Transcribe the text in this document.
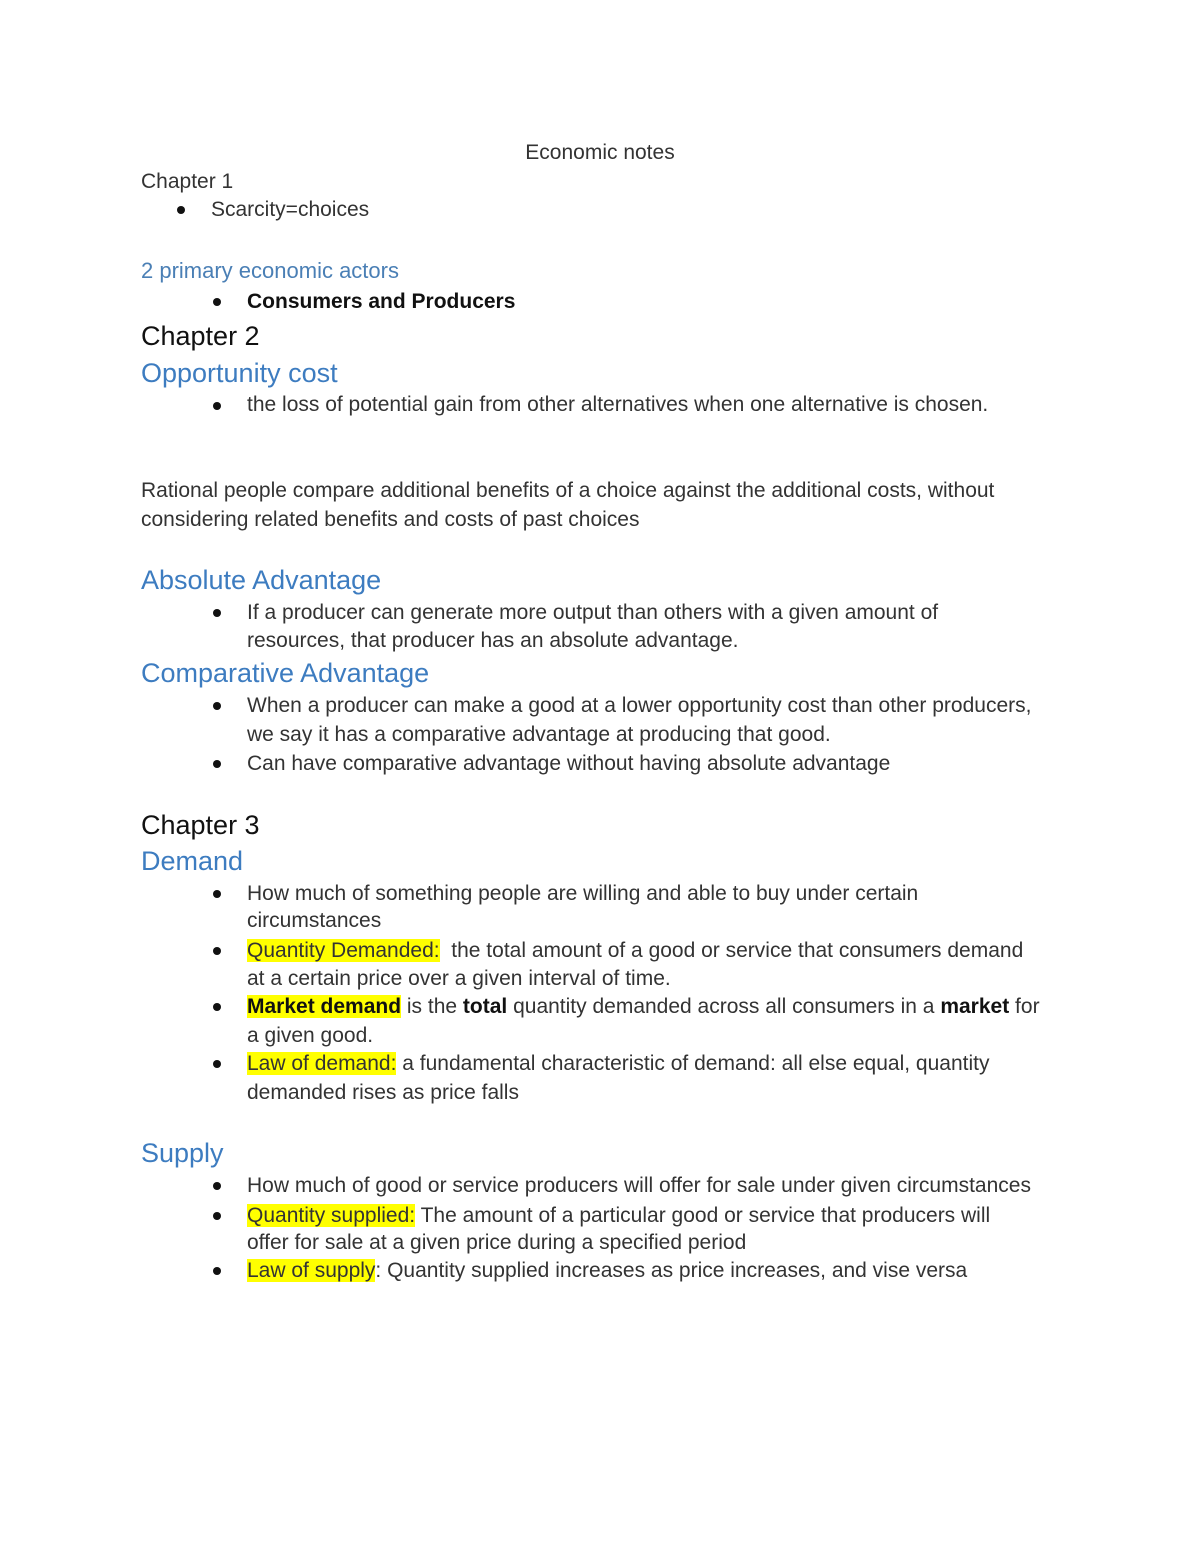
Economic notes
Chapter 1
Scarcity=choices
2 primary economic actors
Consumers and Producers
Chapter 2
Opportunity cost
the loss of potential gain from other alternatives when one alternative is chosen.
Rational people compare additional benefits of a choice against the additional costs, without
considering related benefits and costs of past choices
Absolute Advantage
If a producer can generate more output than others with a given amount of
resources, that producer has an absolute advantage.
Comparative Advantage
When a producer can make a good at a lower opportunity cost than other producers,
we say it has a comparative advantage at producing that good.
Can have comparative advantage without having absolute advantage
Chapter 3
Demand
How much of something people are willing and able to buy under certain
circumstances
Quantity Demanded:  the total amount of a good or service that consumers demand
at a certain price over a given interval of time.
Market demand is the total quantity demanded across all consumers in a market for
a given good.
Law of demand: a fundamental characteristic of demand: all else equal, quantity
demanded rises as price falls
Supply
How much of good or service producers will offer for sale under given circumstances
Quantity supplied: The amount of a particular good or service that producers will
offer for sale at a given price during a specified period
Law of supply: Quantity supplied increases as price increases, and vise versa
